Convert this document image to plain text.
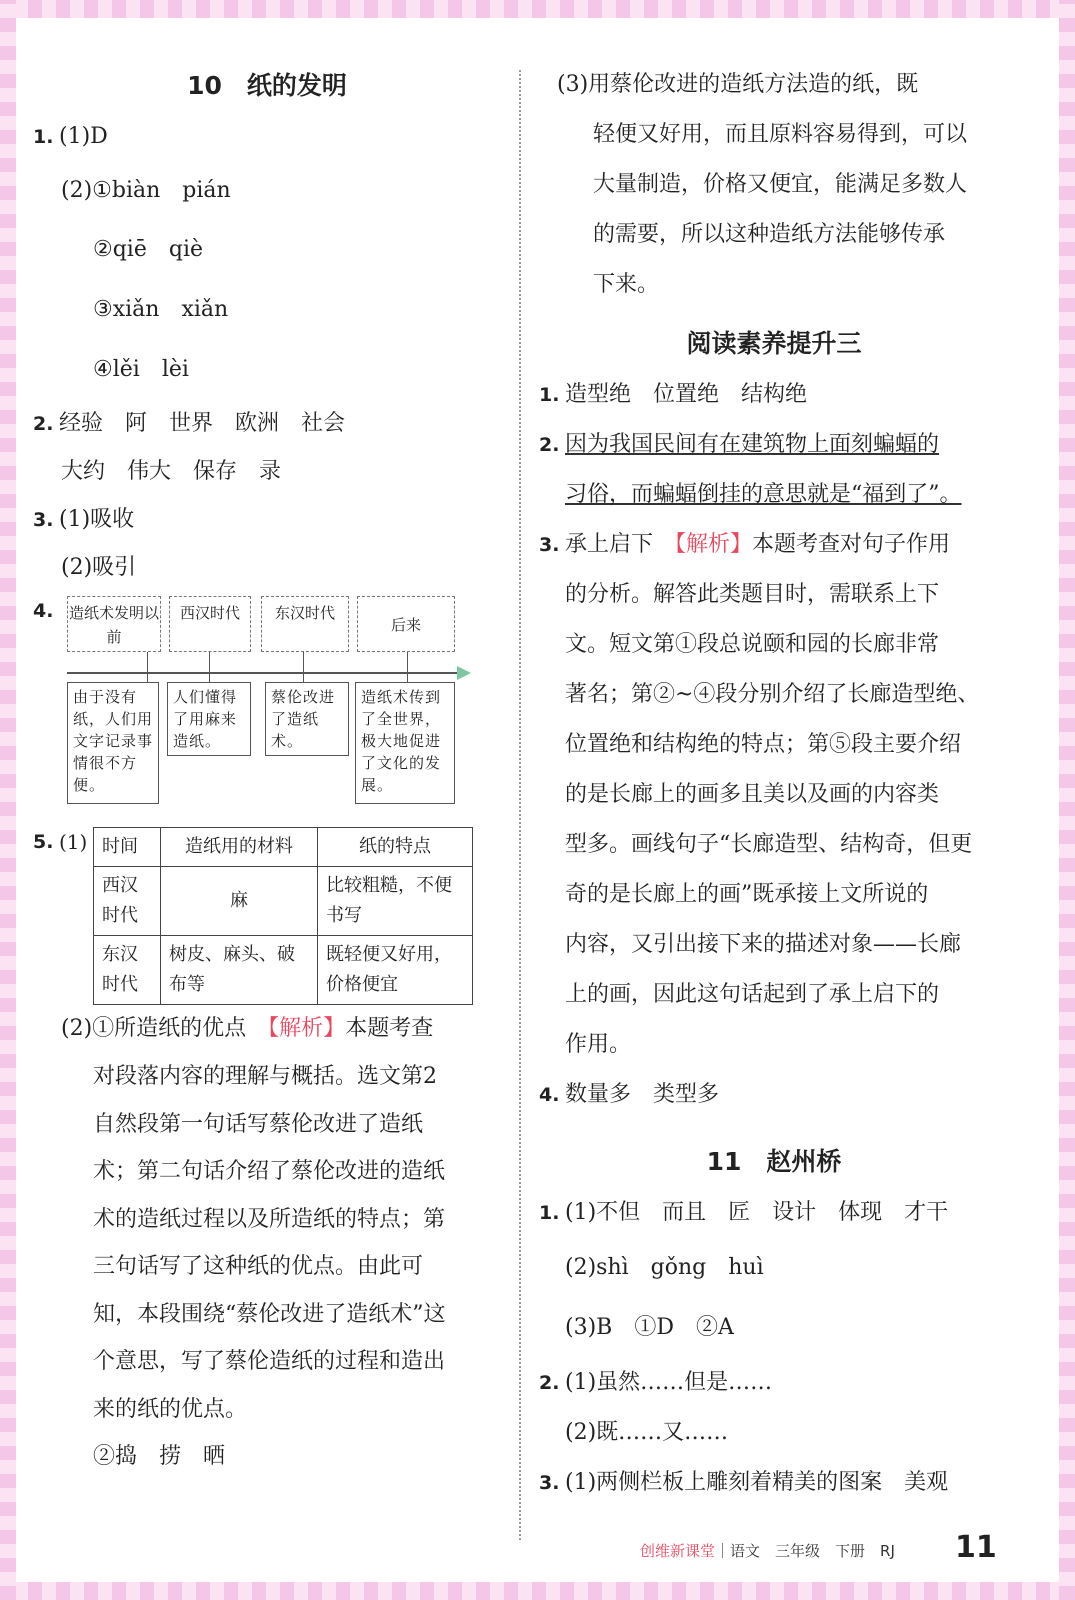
10　纸的发明
1. (1)D
(2)①biàn　pián
②qiē　qiè
③xiǎn　xiǎn
④lěi　lèi
2. 经验　阿　世界　欧洲　社会
大约　伟大　保存　录
3. (1)吸收
(2)吸引
4.	造纸术发明以前
西汉时代	东汉时代
后来
由于没有纸，人们用文字记录事情很不方便。
人们懂得了用麻来造纸。
蔡伦改进了造纸术。
造纸术传到了全世界，极大地促进了文化的发展。
5. (1) 时间	造纸用的材料	纸的特点
西汉时代	麻	比较粗糙，不便书写
东汉时代	树皮、麻头、破布等	既轻便又好用，价格便宜
(2)①所造纸的优点　【解析】本题考查
对段落内容的理解与概括。选文第2
自然段第一句话写蔡伦改进了造纸
术；第二句话介绍了蔡伦改进的造纸
术的造纸过程以及所造纸的特点；第
三句话写了这种纸的优点。由此可
知，本段围绕“蔡伦改进了造纸术”这
个意思，写了蔡伦造纸的过程和造出
来的纸的优点。
②捣　捞　晒
(3)用蔡伦改进的造纸方法造的纸，既
轻便又好用，而且原料容易得到，可以
大量制造，价格又便宜，能满足多数人
的需要，所以这种造纸方法能够传承
下来。
阅读素养提升三
1. 造型绝　位置绝　结构绝
2. 因为我国民间有在建筑物上面刻蝙蝠的
习俗，而蝙蝠倒挂的意思就是“福到了”。
3. 承上启下　【解析】本题考查对句子作用
的分析。解答此类题目时，需联系上下
文。短文第①段总说颐和园的长廊非常
著名；第②~④段分别介绍了长廊造型绝、
位置绝和结构绝的特点；第⑤段主要介绍
的是长廊上的画多且美以及画的内容类
型多。画线句子“长廊造型、结构奇，但更
奇的是长廊上的画”既承接上文所说的
内容，又引出接下来的描述对象——长廊
上的画，因此这句话起到了承上启下的
作用。
4. 数量多　类型多
11　赵州桥
1. (1)不但　而且　匠　设计　体现　才干
(2)shì　gǒng　huì
(3)B　①D　②A
2. (1)虽然……但是……
(2)既……又……
3. (1)两侧栏板上雕刻着精美的图案　美观
创维新课堂｜语文　三年级　下册　RJ 11
